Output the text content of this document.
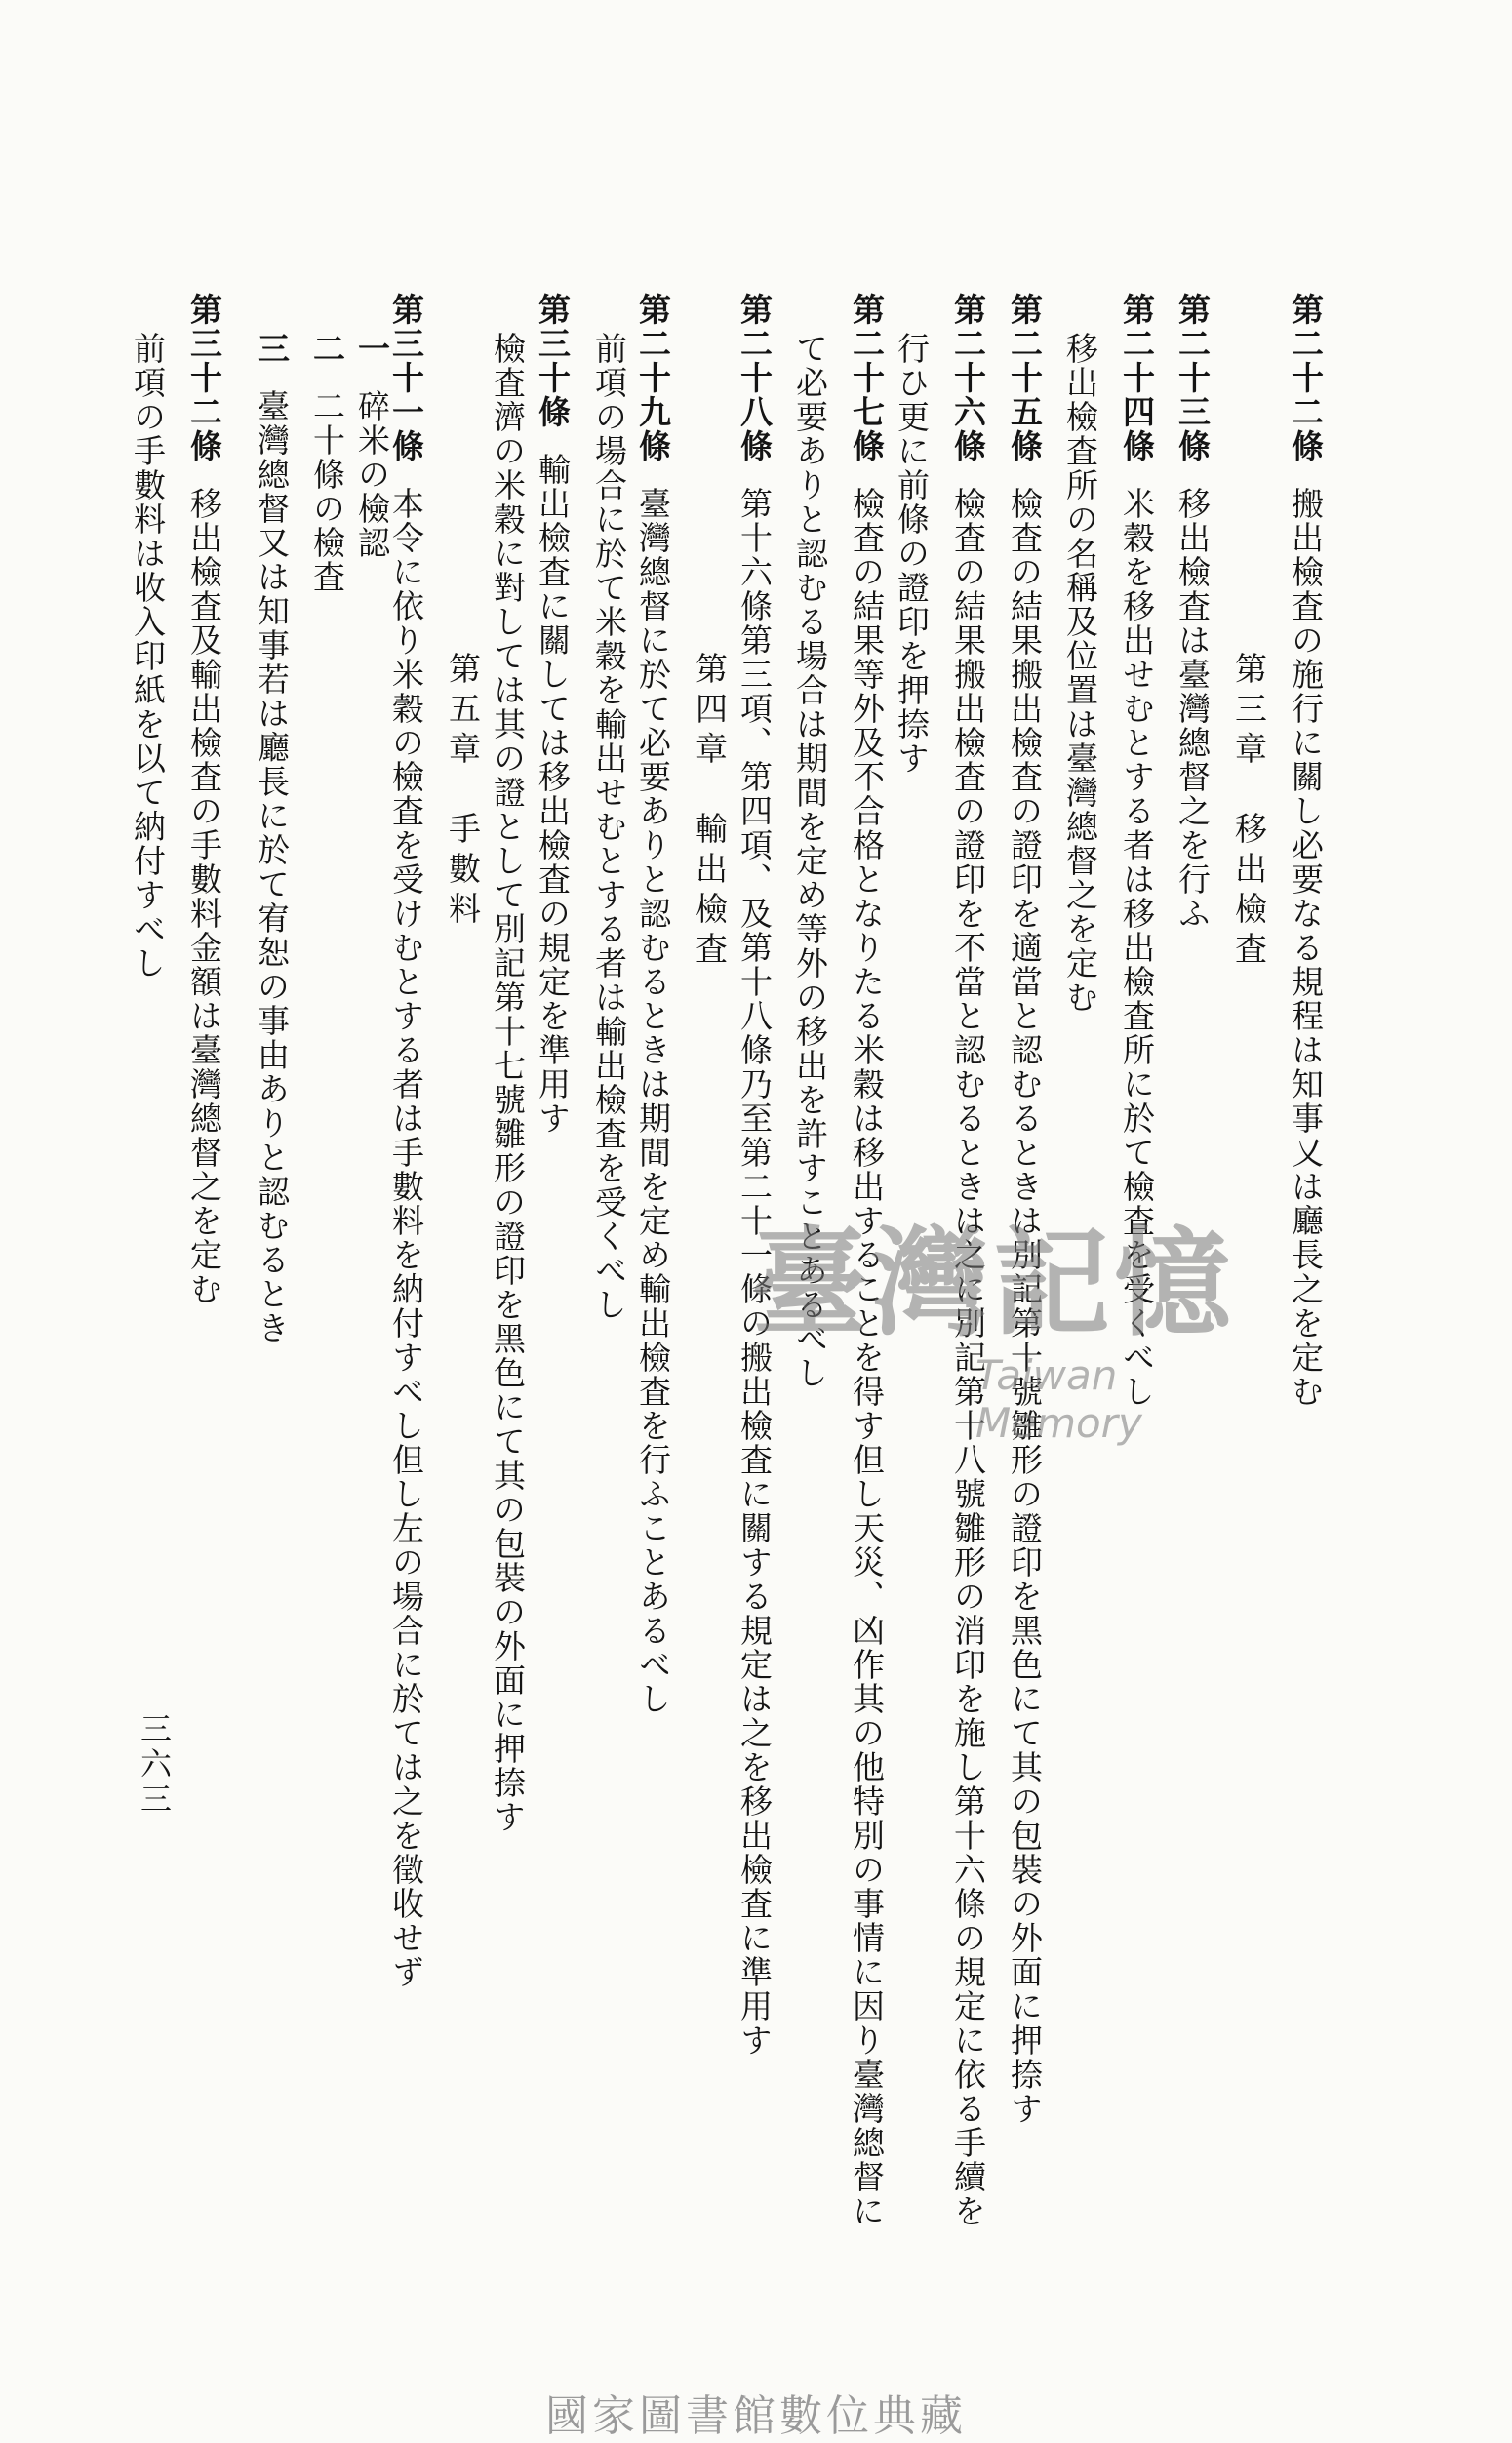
第二十二條搬出檢査の施行に關し必要なる規程は知事又は廳長之を定む
第三章　移出檢査
第二十三條移出檢査は臺灣總督之を行ふ
第二十四條米穀を移出せむとする者は移出檢査所に於て檢査を受くべし
移出檢査所の名稱及位置は臺灣總督之を定む
第二十五條檢査の結果搬出檢査の證印を適當と認むるときは別記第十號雛形の證印を黑色にて其の包裝の外面に押捺す
第二十六條檢査の結果搬出檢査の證印を不當と認むるときは之に別記第十八號雛形の消印を施し第十六條の規定に依る手續を
行ひ更に前條の證印を押捺す
第二十七條檢査の結果等外及不合格となりたる米穀は移出することを得す但し天災、凶作其の他特別の事情に因り臺灣總督に
て必要ありと認むる場合は期間を定め等外の移出を許すことあるべし
第二十八條第十六條第三項、第四項、及第十八條乃至第二十一條の搬出檢査に關する規定は之を移出檢査に準用す
第四章　輸出檢査
第二十九條臺灣總督に於て必要ありと認むるときは期間を定め輸出檢査を行ふことあるべし
前項の場合に於て米穀を輸出せむとする者は輸出檢査を受くべし
第三十條輸出檢査に關しては移出檢査の規定を準用す
檢査濟の米穀に對しては其の證として別記第十七號雛形の證印を黑色にて其の包裝の外面に押捺す
第五章　手數料
第三十一條本令に依り米穀の檢査を受けむとする者は手數料を納付すべし但し左の場合に於ては之を徵收せず
一碎米の檢認
二二十條の檢査
三臺灣總督又は知事若は廳長に於て宥恕の事由ありと認むるとき
第三十二條移出檢査及輸出檢査の手數料金額は臺灣總督之を定む
前項の手數料は收入印紙を以て納付すべし
三六三
臺灣記憶
Taiwan Memory
國家圖書館數位典藏
